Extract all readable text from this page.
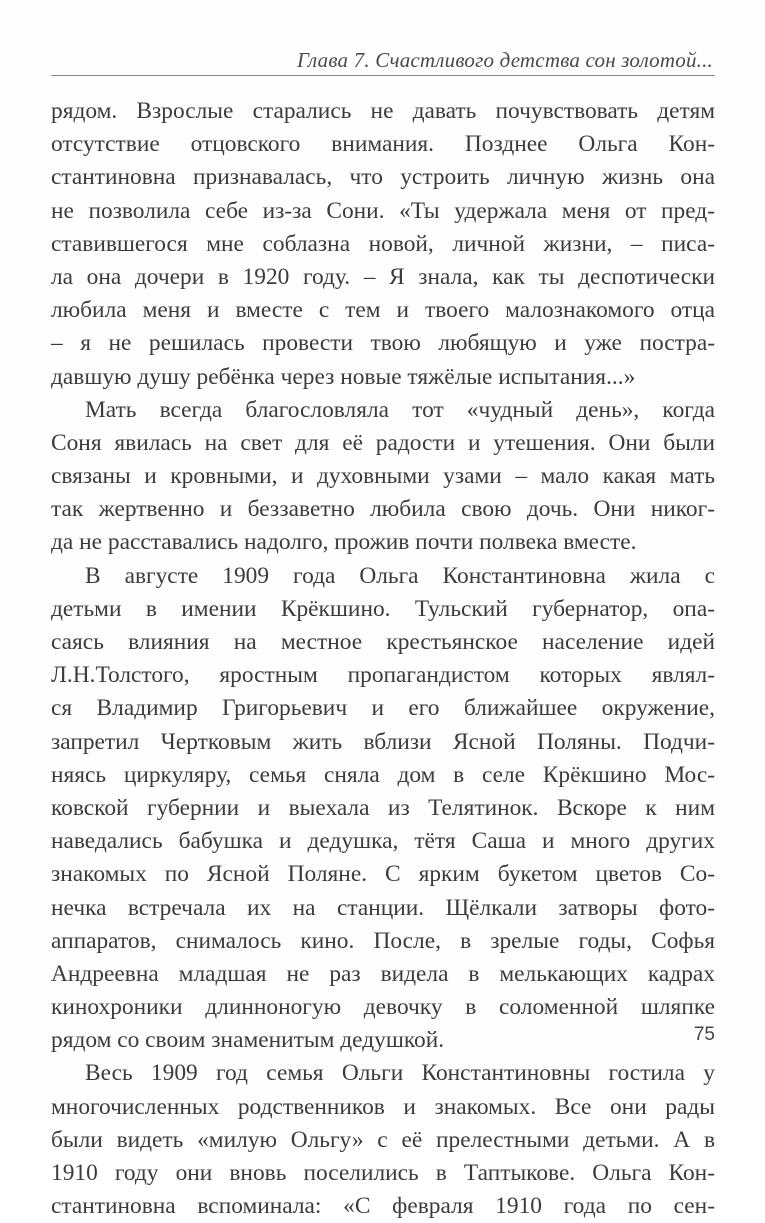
Глава 7. Счастливого детства сон золотой...
рядом. Взрослые старались не давать почувствовать детям
отсутствие отцовского внимания. Позднее Ольга Кон-
стантиновна признавалась, что устроить личную жизнь она
не позволила себе из-за Сони. «Ты удержала меня от пред-
ставившегося мне соблазна новой, личной жизни, – писа-
ла она дочери в 1920 году. – Я знала, как ты деспотически
любила меня и вместе с тем и твоего малознакомого отца
– я не решилась провести твою любящую и уже постра-
давшую душу ребёнка через новые тяжёлые испытания...»
Мать всегда благословляла тот «чудный день», когда
Соня явилась на свет для её радости и утешения. Они были
связаны и кровными, и духовными узами – мало какая мать
так жертвенно и беззаветно любила свою дочь. Они никог-
да не расставались надолго, прожив почти полвека вместе.
В августе 1909 года Ольга Константиновна жила с
детьми в имении Крёкшино. Тульский губернатор, опа-
саясь влияния на местное крестьянское население идей
Л.Н.Толстого, яростным пропагандистом которых являл-
ся Владимир Григорьевич и его ближайшее окружение,
запретил Чертковым жить вблизи Ясной Поляны. Подчи-
няясь циркуляру, семья сняла дом в селе Крёкшино Мос-
ковской губернии и выехала из Телятинок. Вскоре к ним
наведались бабушка и дедушка, тётя Саша и много других
знакомых по Ясной Поляне. С ярким букетом цветов Со-
нечка встречала их на станции. Щёлкали затворы фото-
аппаратов, снималось кино. После, в зрелые годы, Софья
Андреевна младшая не раз видела в мелькающих кадрах
кинохроники длинноногую девочку в соломенной шляпке
рядом со своим знаменитым дедушкой.
Весь 1909 год семья Ольги Константиновны гостила у
многочисленных родственников и знакомых. Все они рады
были видеть «милую Ольгу» с её прелестными детьми. А в
1910 году они вновь поселились в Таптыкове. Ольга Кон-
стантиновна вспоминала: «С февраля 1910 года по сен-
75
